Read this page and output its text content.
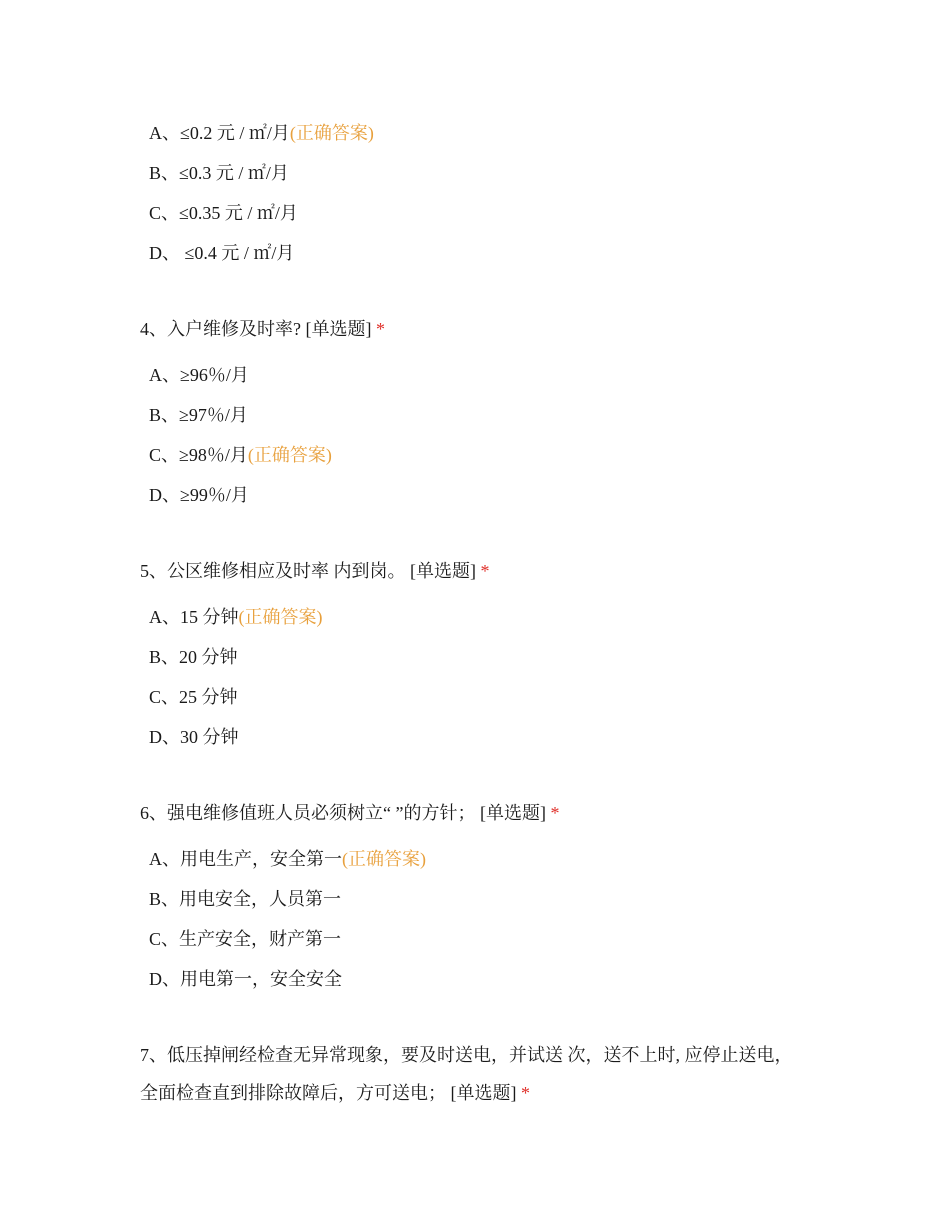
A、≤0.2 元 / ㎡/月(正确答案)
B、≤0.3 元 / ㎡/月
C、≤0.35 元 / ㎡/月
D、 ≤0.4 元 / ㎡/月
4、入户维修及时率? [单选题] *
A、≥96％/月
B、≥97％/月
C、≥98％/月(正确答案)
D、≥99％/月
5、公区维修相应及时率 内到岗。 [单选题] *
A、15 分钟(正确答案)
B、20 分钟
C、25 分钟
D、30 分钟
6、强电维修值班人员必须树立“ ”的方针； [单选题] *
A、用电生产，安全第一(正确答案)
B、用电安全，人员第一
C、生产安全，财产第一
D、用电第一，安全安全
7、低压掉闸经检查无异常现象，要及时送电，并试送 次，送不上时, 应停止送电，全面检查直到排除故障后，方可送电； [单选题] *
